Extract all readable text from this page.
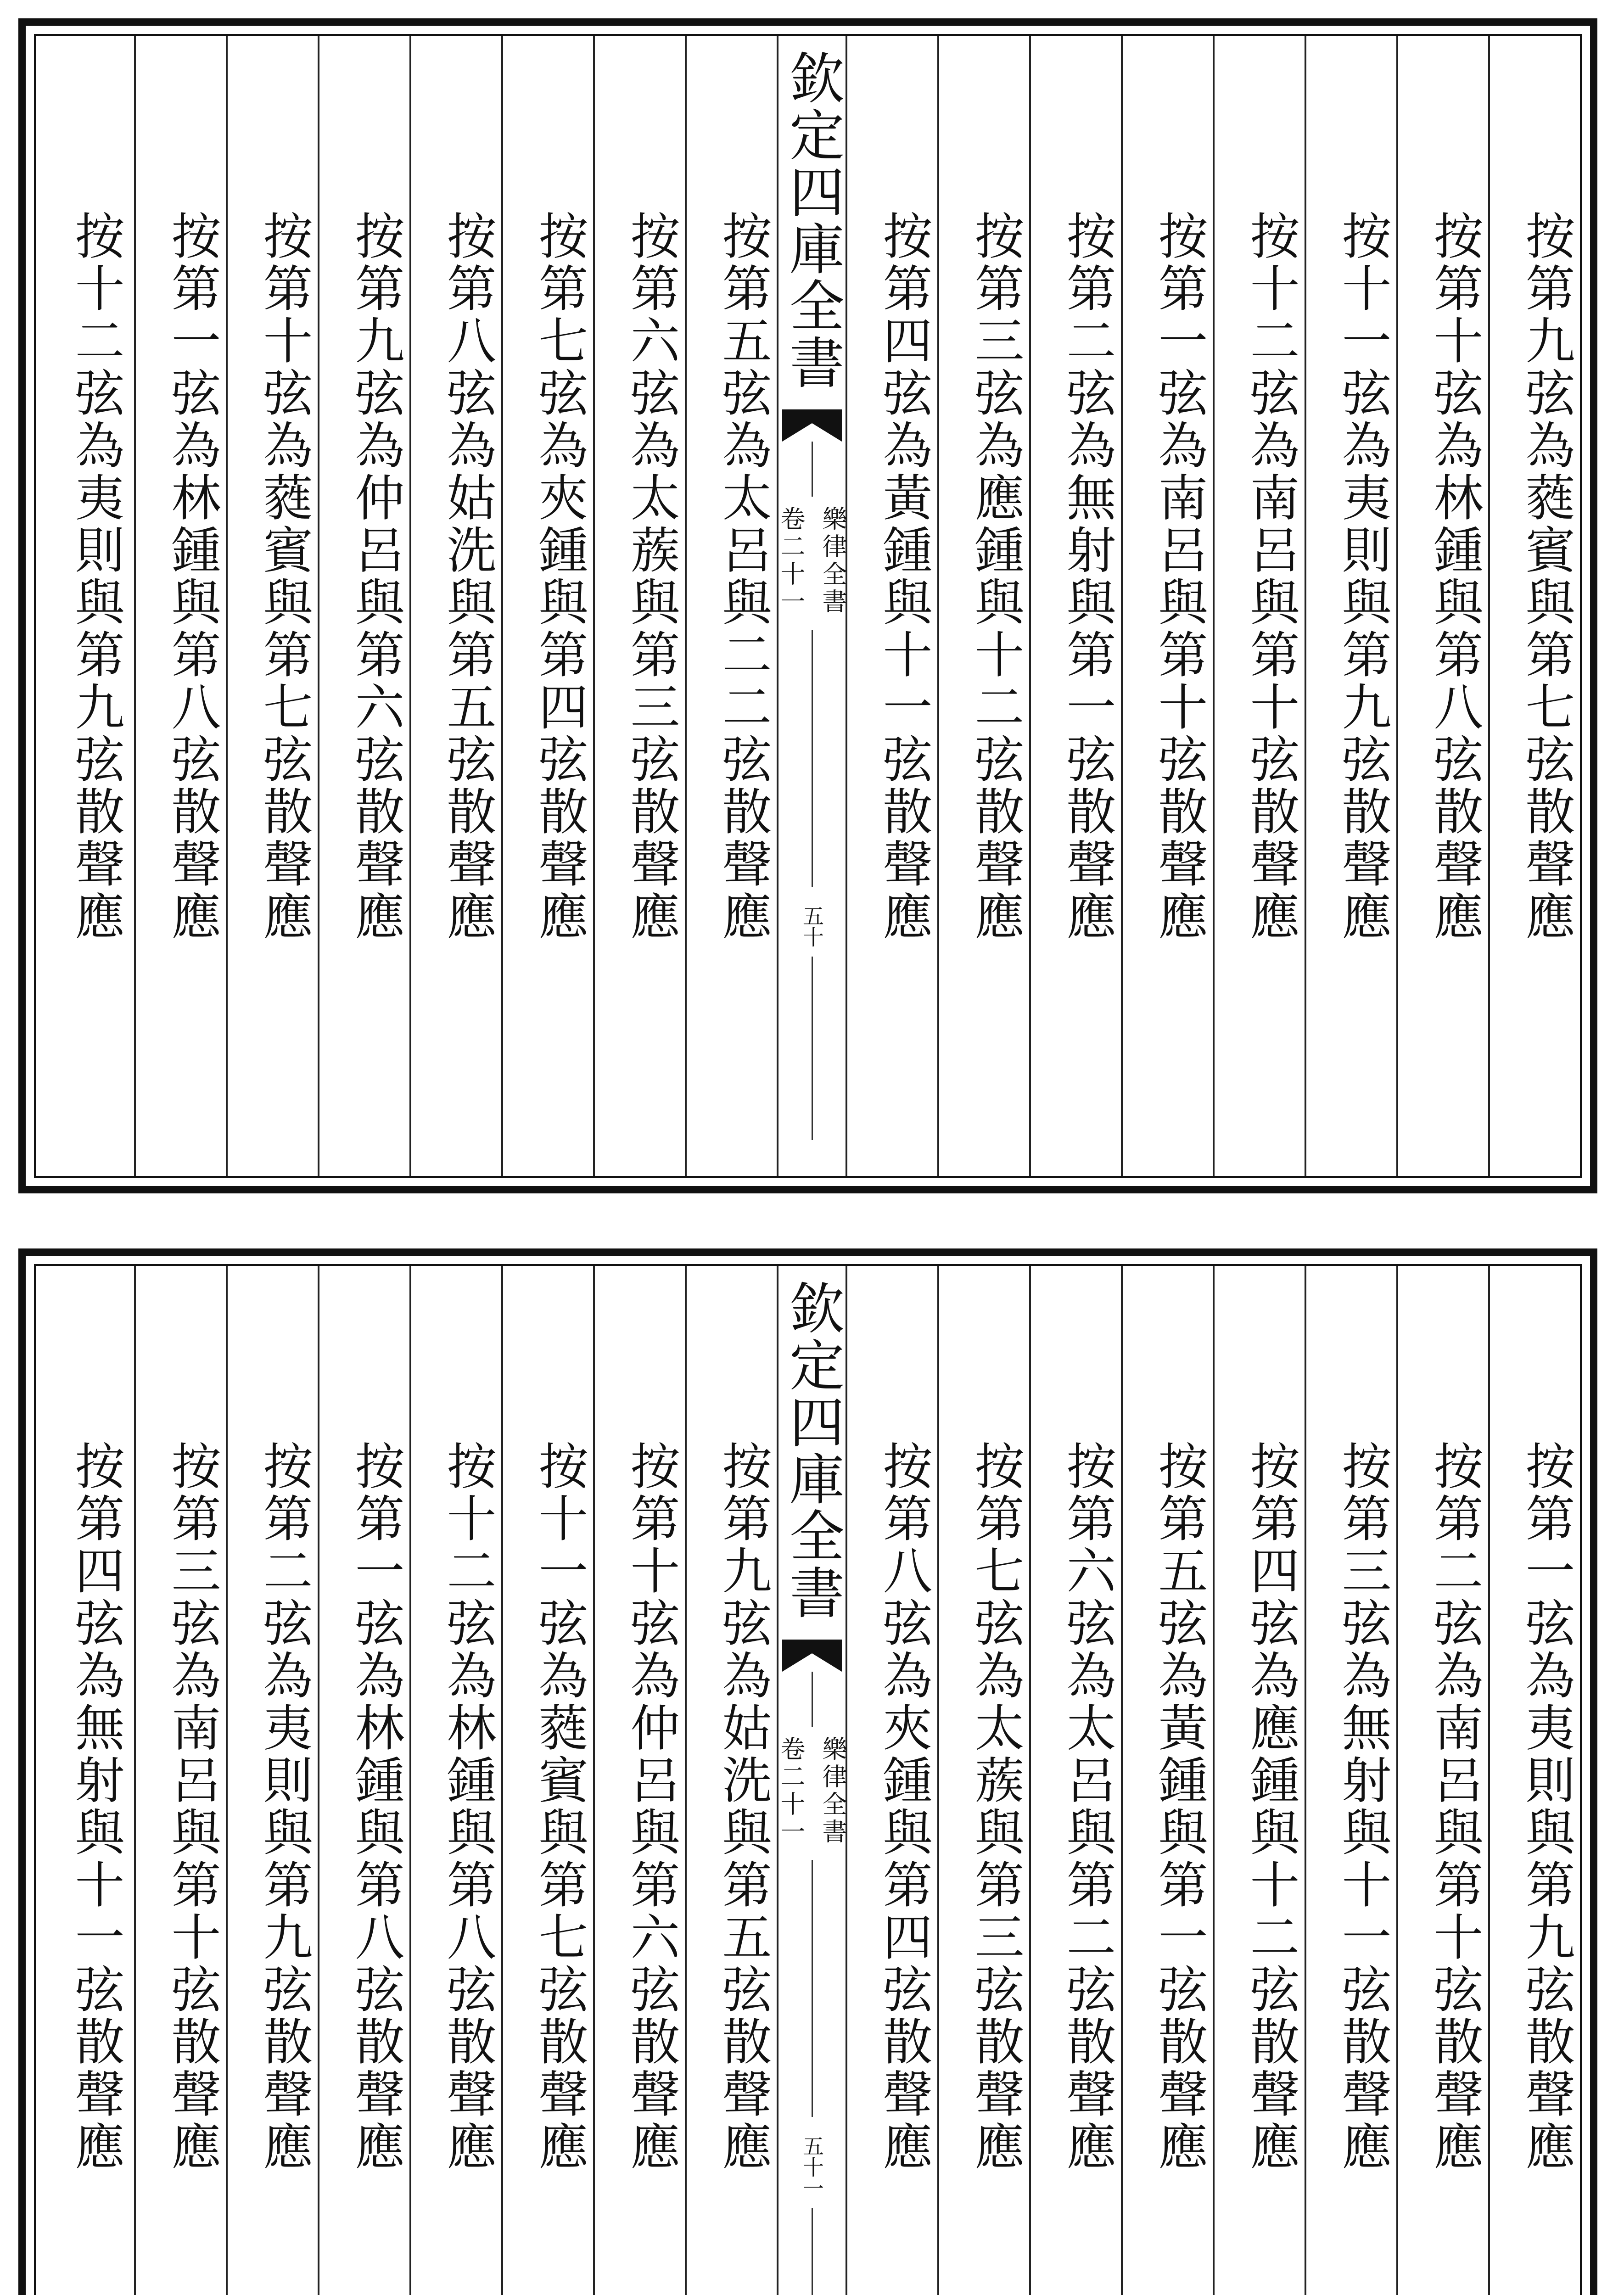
按第五弦為太呂與二二弦散聲應
按第六弦為太蔟與第三弦散聲應
按第七弦為夾鍾與第四弦散聲應
按第八弦為姑洗與第五弦散聲應
按第九弦為仲呂與第六弦散聲應
按第十弦為蕤賓與第七弦散聲應
按第一弦為林鍾與第八弦散聲應
按十二弦為夷則與第九弦散聲應	欽定四庫全書
樂律全書
卷二十一
五十	按第九弦為蕤賓與第七弦散聲應
按第十弦為林鍾與第八弦散聲應
按十一弦為夷則與第九弦散聲應
按十二弦為南呂與第十弦散聲應
按第一弦為南呂與第十弦散聲應
按第二弦為無射與第一弦散聲應
按第三弦為應鍾與十二弦散聲應
按第四弦為黃鍾與十一弦散聲應
按第九弦為姑洗與第五弦散聲應
按第十弦為仲呂與第六弦散聲應
按十一弦為蕤賓與第七弦散聲應
按十二弦為林鍾與第八弦散聲應
按第一弦為林鍾與第八弦散聲應
按第二弦為夷則與第九弦散聲應
按第三弦為南呂與第十弦散聲應
按第四弦為無射與十一弦散聲應	欽定四庫全書
樂律全書
卷二十一
五十一	按第一弦為夷則與第九弦散聲應
按第二弦為南呂與第十弦散聲應
按第三弦為無射與十一弦散聲應
按第四弦為應鍾與十二弦散聲應
按第五弦為黃鍾與第一弦散聲應
按第六弦為太呂與第二弦散聲應
按第七弦為太蔟與第三弦散聲應
按第八弦為夾鍾與第四弦散聲應
